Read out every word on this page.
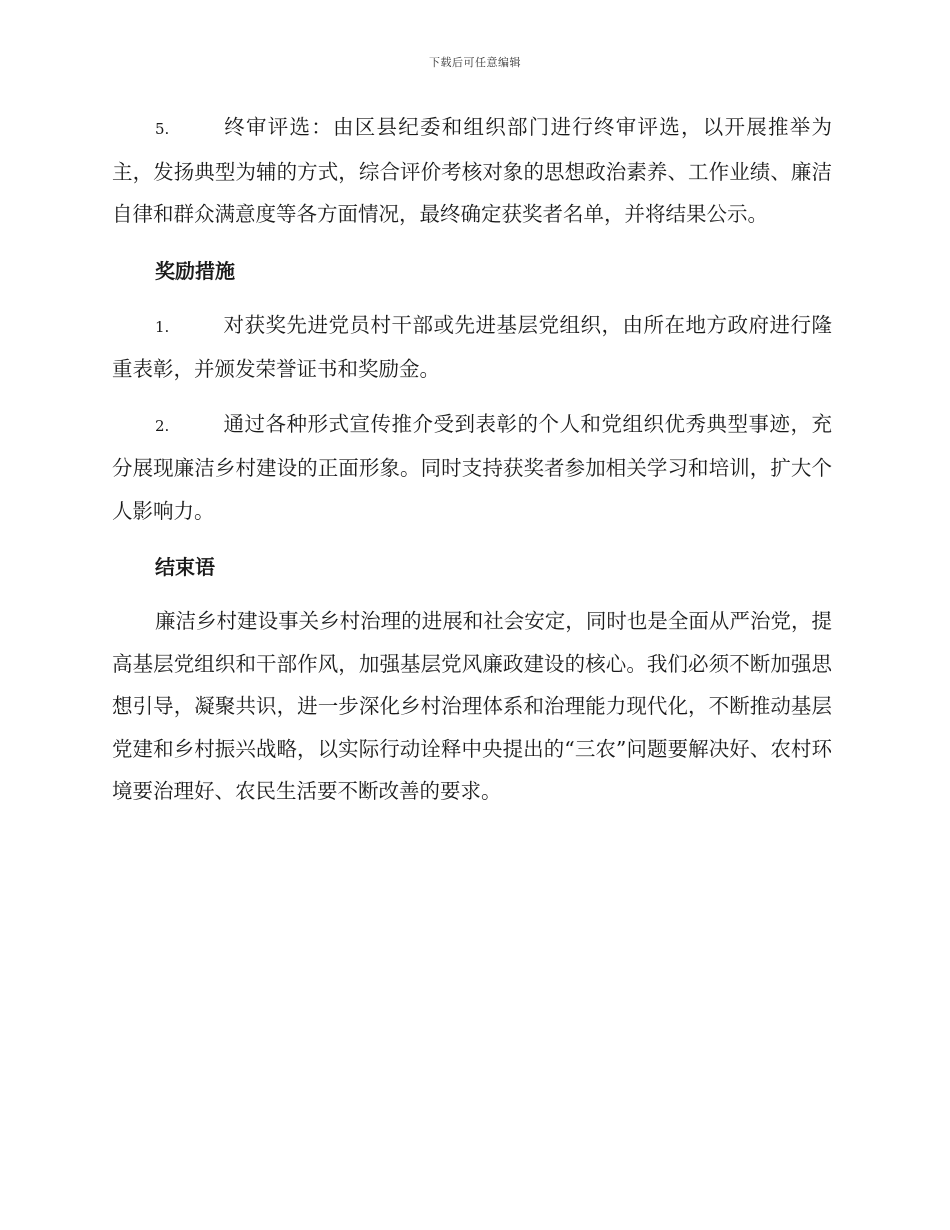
下载后可任意编辑

5.	终审评选：由区县纪委和组织部门进行终审评选，以开展推举为主，发扬典型为辅的方式，综合评价考核对象的思想政治素养、工作业绩、廉洁自律和群众满意度等各方面情况，最终确定获奖者名单，并将结果公示。

奖励措施

1.	对获奖先进党员村干部或先进基层党组织，由所在地方政府进行隆重表彰，并颁发荣誉证书和奖励金。

2.	通过各种形式宣传推介受到表彰的个人和党组织优秀典型事迹，充分展现廉洁乡村建设的正面形象。同时支持获奖者参加相关学习和培训，扩大个人影响力。

结束语

廉洁乡村建设事关乡村治理的进展和社会安定，同时也是全面从严治党，提高基层党组织和干部作风，加强基层党风廉政建设的核心。我们必须不断加强思想引导，凝聚共识，进一步深化乡村治理体系和治理能力现代化，不断推动基层党建和乡村振兴战略，以实际行动诠释中央提出的“三农”问题要解决好、农村环境要治理好、农民生活要不断改善的要求。
